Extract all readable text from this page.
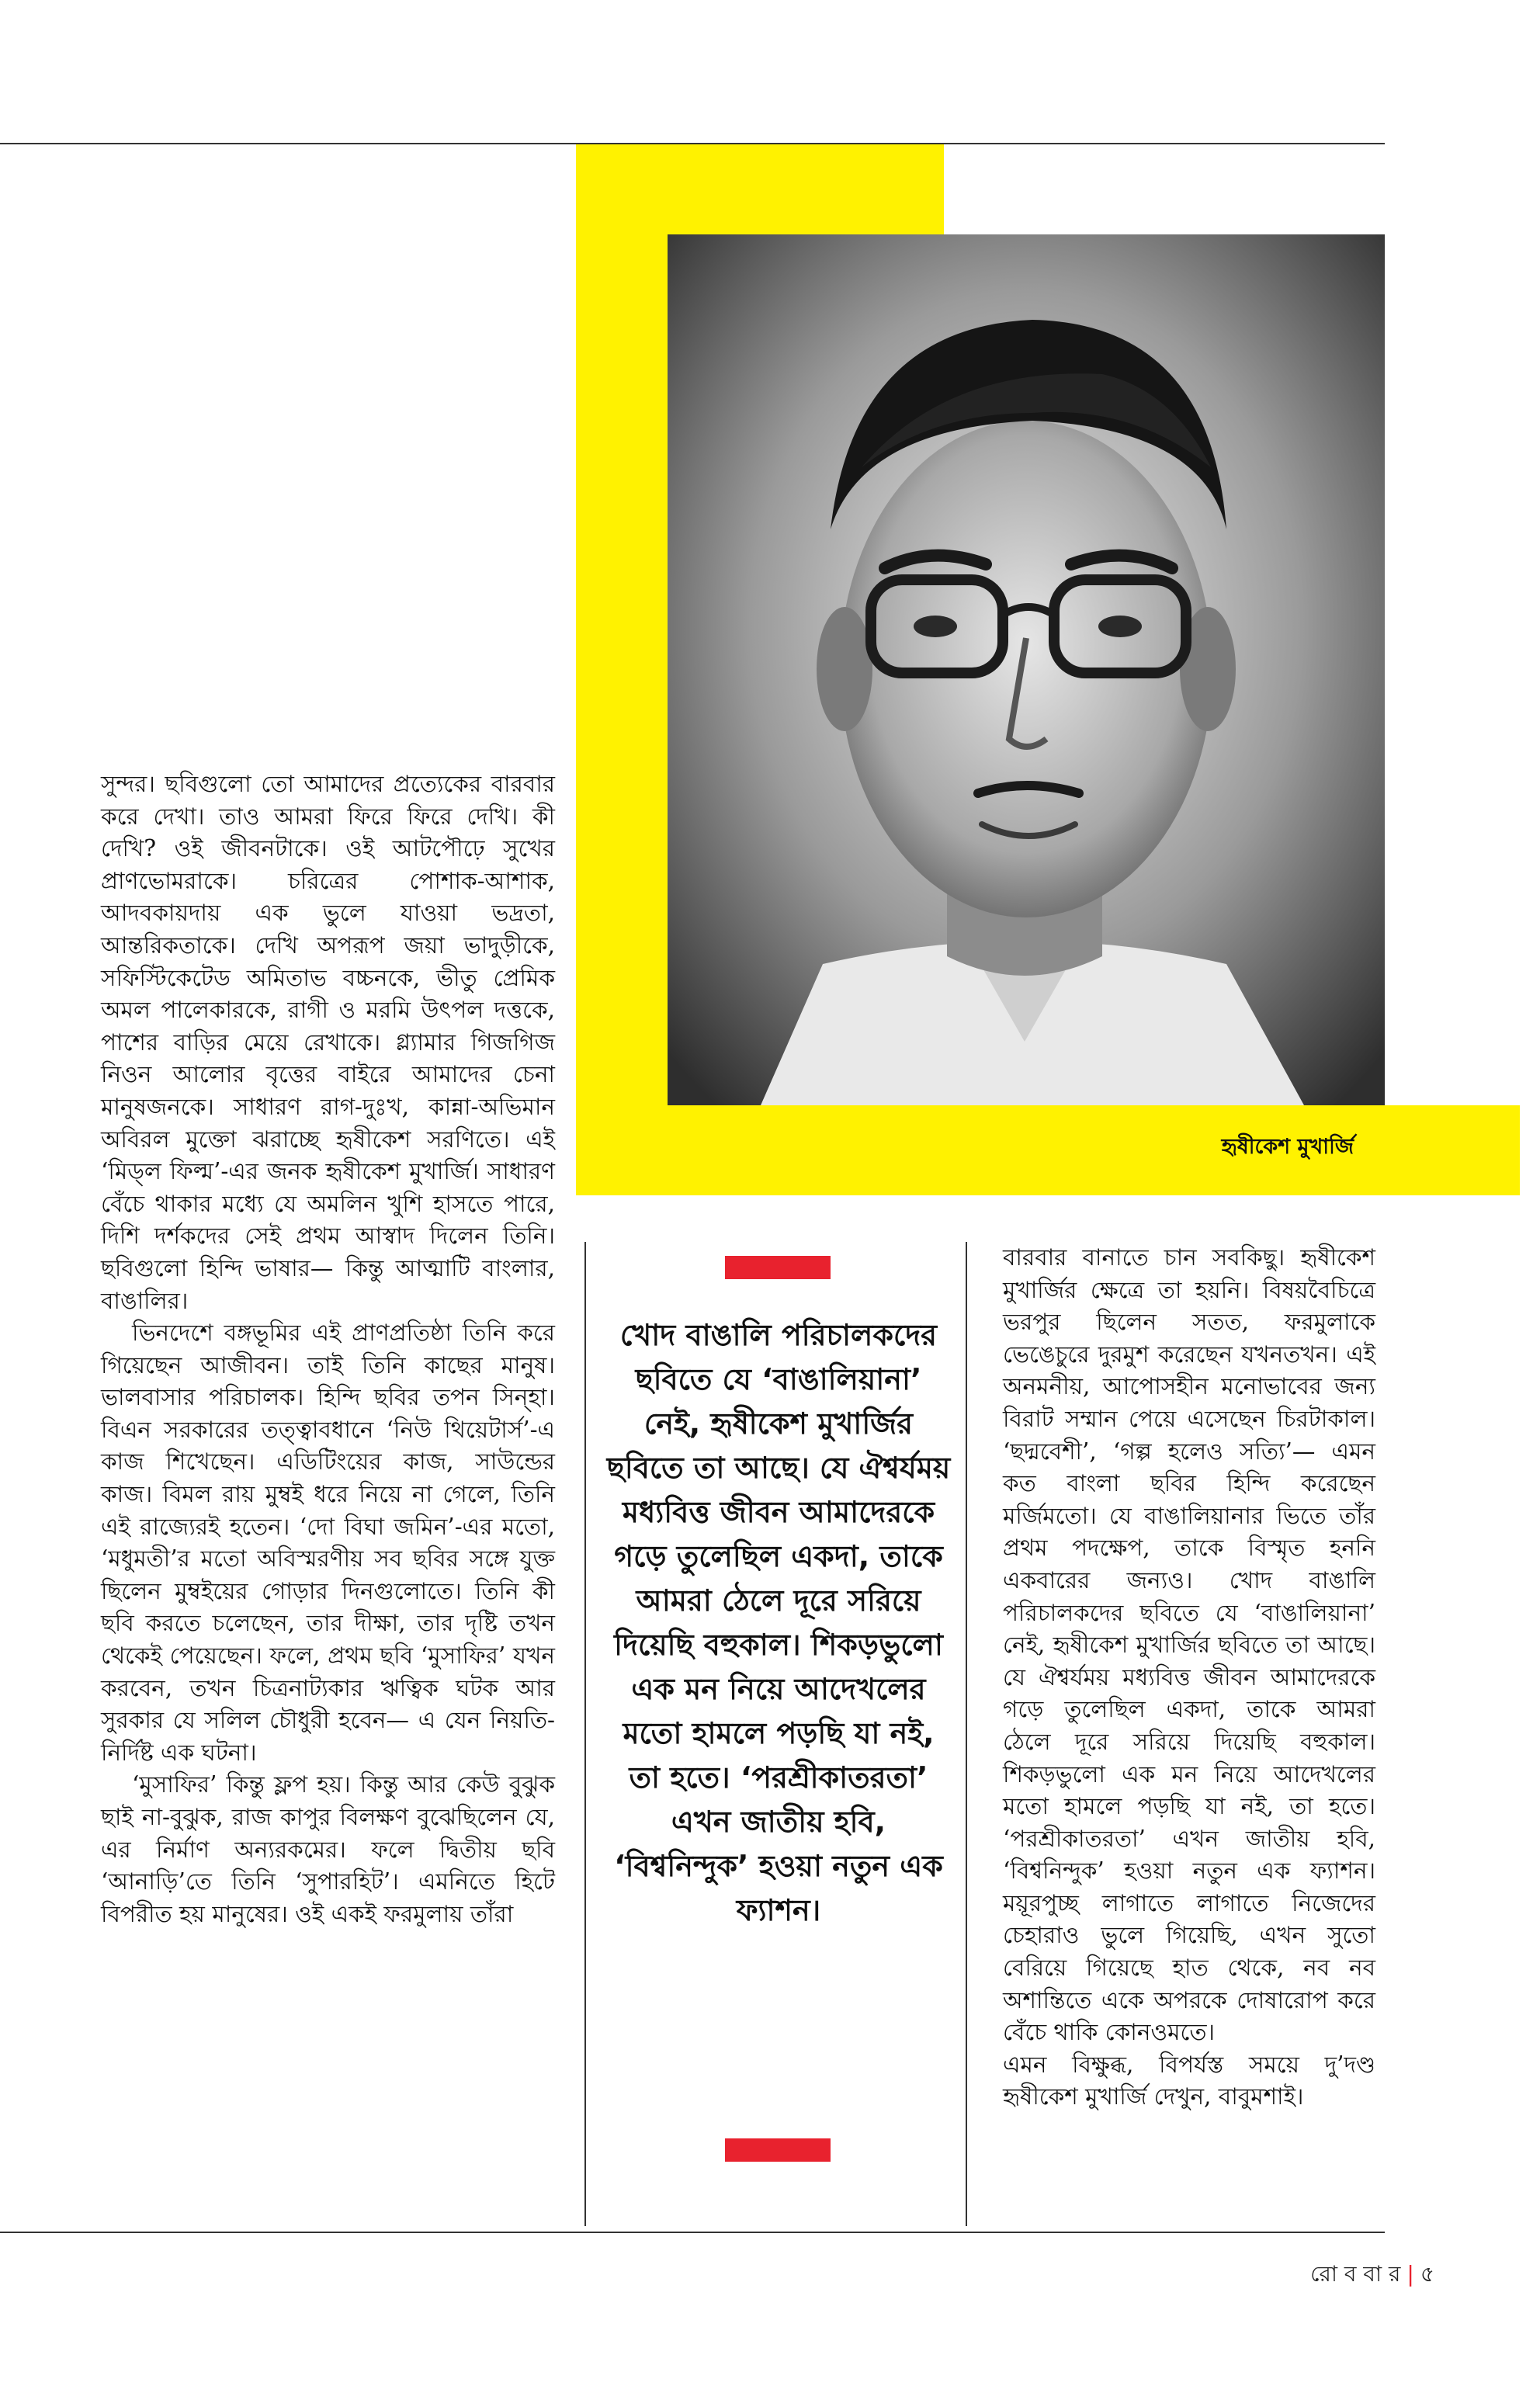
হৃষীকেশ মুখার্জি

সুন্দর। ছবিগুলো তো আমাদের প্রত্যেকের বারবার করে দেখা। তাও আমরা ফিরে ফিরে দেখি। কী দেখি? ওই জীবনটাকে। ওই আটপৌঢ়ে সুখের প্রাণভোমরাকে। চরিত্রের পোশাক-আশাক, আদবকায়দায় এক ভুলে যাওয়া ভদ্রতা, আন্তরিকতাকে। দেখি অপরূপ জয়া ভাদুড়ীকে, সফিস্টিকেটেড অমিতাভ বচ্চনকে, ভীতু প্রেমিক অমল পালেকারকে, রাগী ও মরমি উৎপল দত্তকে, পাশের বাড়ির মেয়ে রেখাকে। গ্ল্যামার গিজগিজ নিওন আলোর বৃত্তের বাইরে আমাদের চেনা মানুষজনকে। সাধারণ রাগ-দুঃখ, কান্না-অভিমান অবিরল মুক্তো ঝরাচ্ছে হৃষীকেশ সরণিতে। এই ‘মিড্‌ল ফিল্ম’-এর জনক হৃষীকেশ মুখার্জি। সাধারণ বেঁচে থাকার মধ্যে যে অমলিন খুশি হাসতে পারে, দিশি দর্শকদের সেই প্রথম আস্বাদ দিলেন তিনি। ছবিগুলো হিন্দি ভাষার— কিন্তু আত্মাটি বাংলার, বাঙালির।

ভিনদেশে বঙ্গভূমির এই প্রাণপ্রতিষ্ঠা তিনি করে গিয়েছেন আজীবন। তাই তিনি কাছের মানুষ। ভালবাসার পরিচালক। হিন্দি ছবির তপন সিন্হা। বিএন সরকারের তত্ত্বাবধানে ‘নিউ থিয়েটার্স’-এ কাজ শিখেছেন। এডিটিংয়ের কাজ, সাউন্ডের কাজ। বিমল রায় মুম্বই ধরে নিয়ে না গেলে, তিনি এই রাজ্যেরই হতেন। ‘দো বিঘা জমিন’-এর মতো, ‘মধুমতী’র মতো অবিস্মরণীয় সব ছবির সঙ্গে যুক্ত ছিলেন মুম্বইয়ের গোড়ার দিনগুলোতে। তিনি কী ছবি করতে চলেছেন, তার দীক্ষা, তার দৃষ্টি তখন থেকেই পেয়েছেন। ফলে, প্রথম ছবি ‘মুসাফির’ যখন করবেন, তখন চিত্রনাট্যকার ঋত্বিক ঘটক আর সুরকার যে সলিল চৌধুরী হবেন— এ যেন নিয়তি-নির্দিষ্ট এক ঘটনা।

‘মুসাফির’ কিন্তু ফ্লপ হয়। কিন্তু আর কেউ বুঝুক ছাই না-বুঝুক, রাজ কাপুর বিলক্ষণ বুঝেছিলেন যে, এর নির্মাণ অন্যরকমের। ফলে দ্বিতীয় ছবি ‘আনাড়ি’তে তিনি ‘সুপারহিট’। এমনিতে হিটে বিপরীত হয় মানুষের। ওই একই ফরমুলায় তাঁরা

খোদ বাঙালি পরিচালকদের ছবিতে যে ‘বাঙালিয়ানা’ নেই, হৃষীকেশ মুখার্জির ছবিতে তা আছে। যে ঐশ্বর্যময় মধ্যবিত্ত জীবন আমাদেরকে গড়ে তুলেছিল একদা, তাকে আমরা ঠেলে দূরে সরিয়ে দিয়েছি বহুকাল। শিকড়ভুলো এক মন নিয়ে আদেখলের মতো হামলে পড়ছি যা নই, তা হতে। ‘পরশ্রীকাতরতা’ এখন জাতীয় হবি, ‘বিশ্বনিন্দুক’ হওয়া নতুন এক ফ্যাশন।

বারবার বানাতে চান সবকিছু। হৃষীকেশ মুখার্জির ক্ষেত্রে তা হয়নি। বিষয়বৈচিত্রে ভরপুর ছিলেন সতত, ফরমুলাকে ভেঙেচুরে দুরমুশ করেছেন যখনতখন। এই অনমনীয়, আপোসহীন মনোভাবের জন্য বিরাট সম্মান পেয়ে এসেছেন চিরটাকাল। ‘ছদ্মবেশী’, ‘গল্প হলেও সত্যি’— এমন কত বাংলা ছবির হিন্দি করেছেন মর্জিমতো। যে বাঙালিয়ানার ভিতে তাঁর প্রথম পদক্ষেপ, তাকে বিস্মৃত হননি একবারের জন্যও। খোদ বাঙালি পরিচালকদের ছবিতে যে ‘বাঙালিয়ানা’ নেই, হৃষীকেশ মুখার্জির ছবিতে তা আছে। যে ঐশ্বর্যময় মধ্যবিত্ত জীবন আমাদেরকে গড়ে তুলেছিল একদা, তাকে আমরা ঠেলে দূরে সরিয়ে দিয়েছি বহুকাল। শিকড়ভুলো এক মন নিয়ে আদেখলের মতো হামলে পড়ছি যা নই, তা হতে। ‘পরশ্রীকাতরতা’ এখন জাতীয় হবি, ‘বিশ্বনিন্দুক’ হওয়া নতুন এক ফ্যাশন। ময়ূরপুচ্ছ লাগাতে লাগাতে নিজেদের চেহারাও ভুলে গিয়েছি, এখন সুতো বেরিয়ে গিয়েছে হাত থেকে, নব নব অশান্তিতে একে অপরকে দোষারোপ করে বেঁচে থাকি কোনওমতে।

এমন বিক্ষুব্ধ, বিপর্যস্ত সময়ে দু’দণ্ড হৃষীকেশ মুখার্জি দেখুন, বাবুমশাই।

রো ব বা র | ৫
